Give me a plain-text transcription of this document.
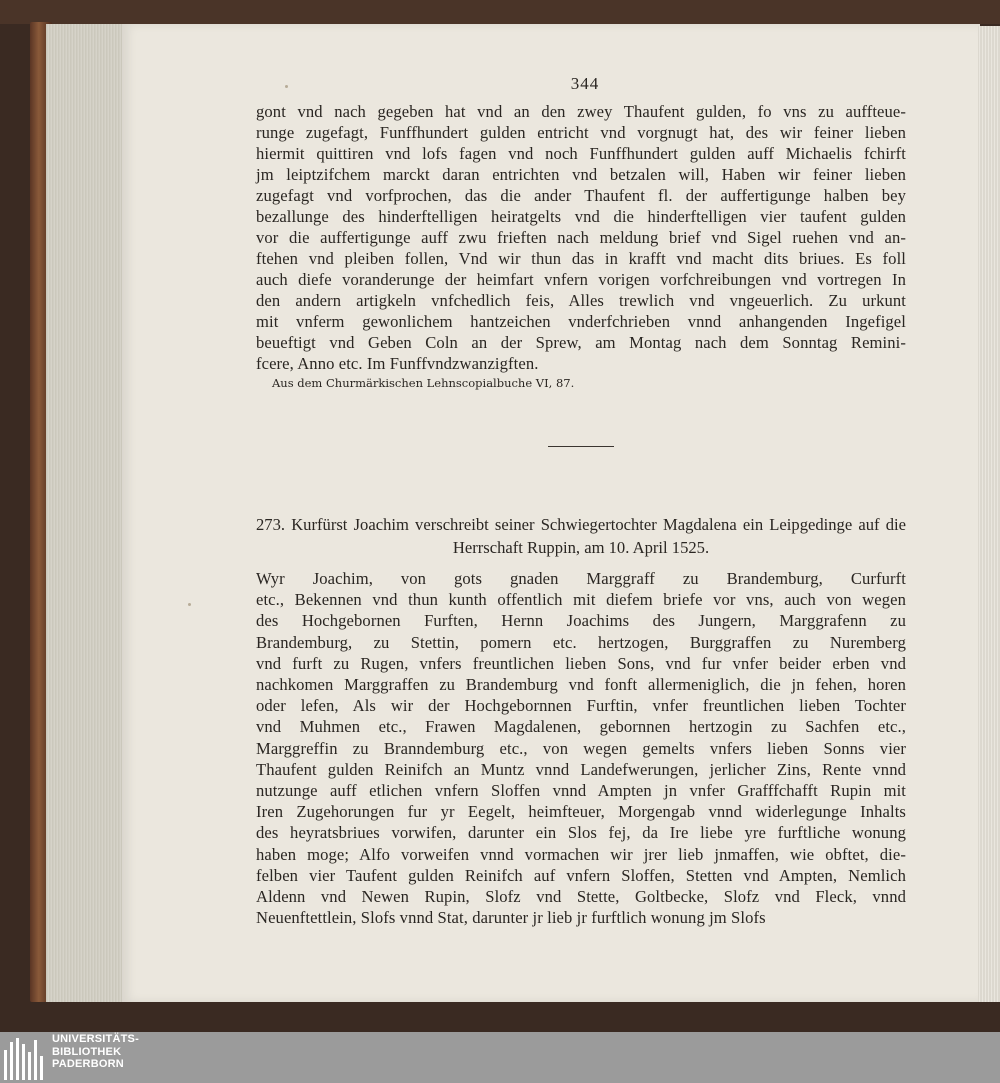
344
gont vnd nach gegeben hat vnd an den zwey Thaufent gulden, fo vns zu auffteue-
runge zugefagt, Funffhundert gulden entricht vnd vorgnugt hat, des wir feiner lieben
hiermit quittiren vnd lofs fagen vnd noch Funffhundert gulden auff Michaelis fchirft
jm leiptzifchem marckt daran entrichten vnd betzalen will, Haben wir feiner lieben
zugefagt vnd vorfprochen, das die ander Thaufent fl. der auffertigunge halben bey
bezallunge des hinderftelligen heiratgelts vnd die hinderftelligen vier taufent gulden
vor die auffertigunge auff zwu frieften nach meldung brief vnd Sigel ruehen vnd an-
ftehen vnd pleiben follen, Vnd wir thun das in krafft vnd macht dits briues. Es foll
auch diefe voranderunge der heimfart vnfern vorigen vorfchreibungen vnd vortregen In
den andern artigkeln vnfchedlich feis, Alles trewlich vnd vngeuerlich. Zu urkunt
mit vnferm gewonlichem hantzeichen vnderfchrieben vnnd anhangenden Ingefigel
beueftigt vnd Geben Coln an der Sprew, am Montag nach dem Sonntag Remini-
fcere, Anno etc. Im Funffvndzwanzigften.
Aus dem Churmärkischen Lehnscopialbuche VI, 87.
273. Kurfürst Joachim verschreibt seiner Schwiegertochter Magdalena ein Leipgedinge auf die
Herrschaft Ruppin, am 10. April 1525.
Wyr Joachim, von gots gnaden Marggraff zu Brandemburg, Curfurft
etc., Bekennen vnd thun kunth offentlich mit diefem briefe vor vns, auch von wegen
des Hochgebornen Furften, Hernn Joachims des Jungern, Marggrafenn zu
Brandemburg, zu Stettin, pomern etc. hertzogen, Burggraffen zu Nuremberg
vnd furft zu Rugen, vnfers freuntlichen lieben Sons, vnd fur vnfer beider erben vnd
nachkomen Marggraffen zu Brandemburg vnd fonft allermeniglich, die jn fehen, horen
oder lefen, Als wir der Hochgebornnen Furftin, vnfer freuntlichen lieben Tochter
vnd Muhmen etc., Frawen Magdalenen, gebornnen hertzogin zu Sachfen etc.,
Marggreffin zu Branndemburg etc., von wegen gemelts vnfers lieben Sonns vier
Thaufent gulden Reinifch an Muntz vnnd Landefwerungen, jerlicher Zins, Rente vnnd
nutzunge auff etlichen vnfern Sloffen vnnd Ampten jn vnfer Grafffchafft Rupin mit
Iren Zugehorungen fur yr Eegelt, heimfteuer, Morgengab vnnd widerlegunge Inhalts
des heyratsbriues vorwifen, darunter ein Slos fej, da Ire liebe yre furftliche wonung
haben moge; Alfo vorweifen vnnd vormachen wir jrer lieb jnmaffen, wie obftet, die-
felben vier Taufent gulden Reinifch auf vnfern Sloffen, Stetten vnd Ampten, Nemlich
Aldenn vnd Newen Rupin, Slofz vnd Stette, Goltbecke, Slofz vnd Fleck, vnnd
Neuenftettlein, Slofs vnnd Stat, darunter jr lieb jr furftlich wonung jm Slofs
UNIVERSITÄTS-
BIBLIOTHEK
PADERBORN
